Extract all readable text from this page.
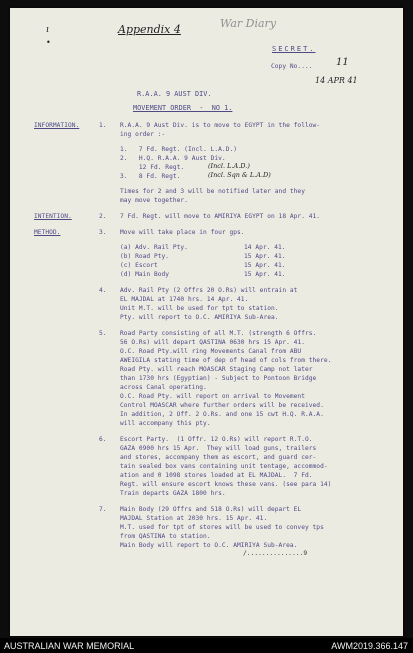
ı
•
Appendix 4	War Diary
SECRET.
Copy No.... 11
14 APR 41
R.A.A. 9 AUST DIV.
MOVEMENT ORDER  -  NO 1.
INFORMATION.	1. R.A.A. 9 Aust Div. is to move to EGYPT in the follow-
ing order :-
1.   7 Fd. Regt. (Incl. L.A.D.)
2.   H.Q. R.A.A. 9 Aust Div.
12 Fd. Regt.	(Incl. L.A.D.)
3.   8 Fd. Regt.	(Incl. Sqn & L.A.D)
Times for 2 and 3 will be notified later and they
may move together.
INTENTION.	2. 7 Fd. Regt. will move to AMIRIYA EGYPT on 18 Apr. 41.
METHOD.	3. Move will take place in four gps.
(a) Adv. Rail Pty.	14 Apr. 41.
(b) Road Pty.	15 Apr. 41.
(c) Escort	15 Apr. 41.
(d) Main Body	15 Apr. 41.
4. Adv. Rail Pty (2 Offrs 20 O.Rs) will entrain at
EL MAJDAL at 1740 hrs. 14 Apr. 41.
Unit M.T. will be used for tpt to station.
Pty. will report to O.C. AMIRIYA Sub-Area.
5. Road Party consisting of all M.T. (strength 6 Offrs.
56 O.Rs) will depart QASTINA 0630 hrs 15 Apr. 41.
O.C. Road Pty.will ring Movements Canal from ABU
AWEIGILA stating time of dep of head of cols from there.
Road Pty. will reach MOASCAR Staging Camp not later
than 1730 hrs (Egyptian) - Subject to Pontoon Bridge
across Canal operating.
O.C. Road Pty. will report on arrival to Movement
Control MOASCAR where further orders will be received.
In addition, 2 Off. 2 O.Rs. and one 15 cwt H.Q. R.A.A.
will accompany this pty.
6. Escort Party.  (1 Offr. 12 O.Rs) will report R.T.O.
GAZA 0900 hrs 15 Apr.  They will load guns, trailers
and stores, accompany them as escort, and guard cer-
tain sealed box vans containing unit tentage, accommod-
ation and 0 1098 stores loaded at EL MAJDAL.  7 Fd.
Regt. will ensure escort knows these vans. (see para 14)
Train departs GAZA 1800 hrs.
7. Main Body (29 Offrs and 518 O.Rs) will depart EL
MAJDAL Station at 2030 hrs. 15 Apr. 41.
M.T. used for tpt of stores will be used to convey tps
from QASTINA to station.
Main Body will report to O.C. AMIRIYA Sub-Area.
/...............9
AUSTRALIAN WAR MEMORIAL	AWM2019.366.147
